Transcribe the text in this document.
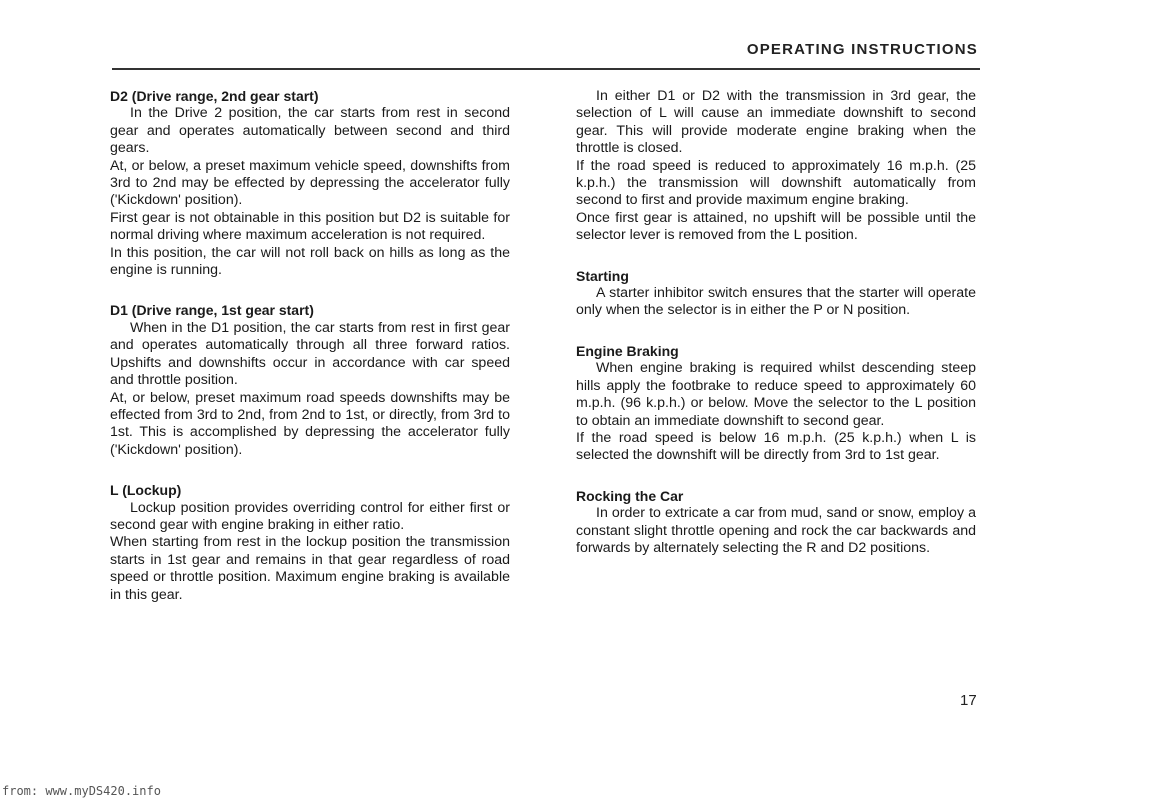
OPERATING INSTRUCTIONS
D2 (Drive range, 2nd gear start)

In the Drive 2 position, the car starts from rest in second gear and operates automatically between second and third gears.

At, or below, a preset maximum vehicle speed, downshifts from 3rd to 2nd may be effected by depressing the accelerator fully ('Kickdown' position).

First gear is not obtainable in this position but D2 is suitable for normal driving where maximum acceleration is not required.

In this position, the car will not roll back on hills as long as the engine is running.

D1 (Drive range, 1st gear start)

When in the D1 position, the car starts from rest in first gear and operates automatically through all three forward ratios. Upshifts and downshifts occur in accordance with car speed and throttle position.

At, or below, preset maximum road speeds downshifts may be effected from 3rd to 2nd, from 2nd to 1st, or directly, from 3rd to 1st. This is accomplished by depressing the accelerator fully ('Kickdown' position).

L (Lockup)

Lockup position provides overriding control for either first or second gear with engine braking in either ratio.

When starting from rest in the lockup position the transmission starts in 1st gear and remains in that gear regardless of road speed or throttle position. Maximum engine braking is available in this gear.

In either D1 or D2 with the transmission in 3rd gear, the selection of L will cause an immediate downshift to second gear. This will provide moderate engine braking when the throttle is closed.

If the road speed is reduced to approximately 16 m.p.h. (25 k.p.h.) the transmission will downshift automatically from second to first and provide maximum engine braking.

Once first gear is attained, no upshift will be possible until the selector lever is removed from the L position.

Starting

A starter inhibitor switch ensures that the starter will operate only when the selector is in either the P or N position.

Engine Braking

When engine braking is required whilst descending steep hills apply the footbrake to reduce speed to approximately 60 m.p.h. (96 k.p.h.) or below. Move the selector to the L position to obtain an immediate downshift to second gear.

If the road speed is below 16 m.p.h. (25 k.p.h.) when L is selected the downshift will be directly from 3rd to 1st gear.

Rocking the Car

In order to extricate a car from mud, sand or snow, employ a constant slight throttle opening and rock the car backwards and forwards by alternately selecting the R and D2 positions.

17
from: www.myDS420.info
